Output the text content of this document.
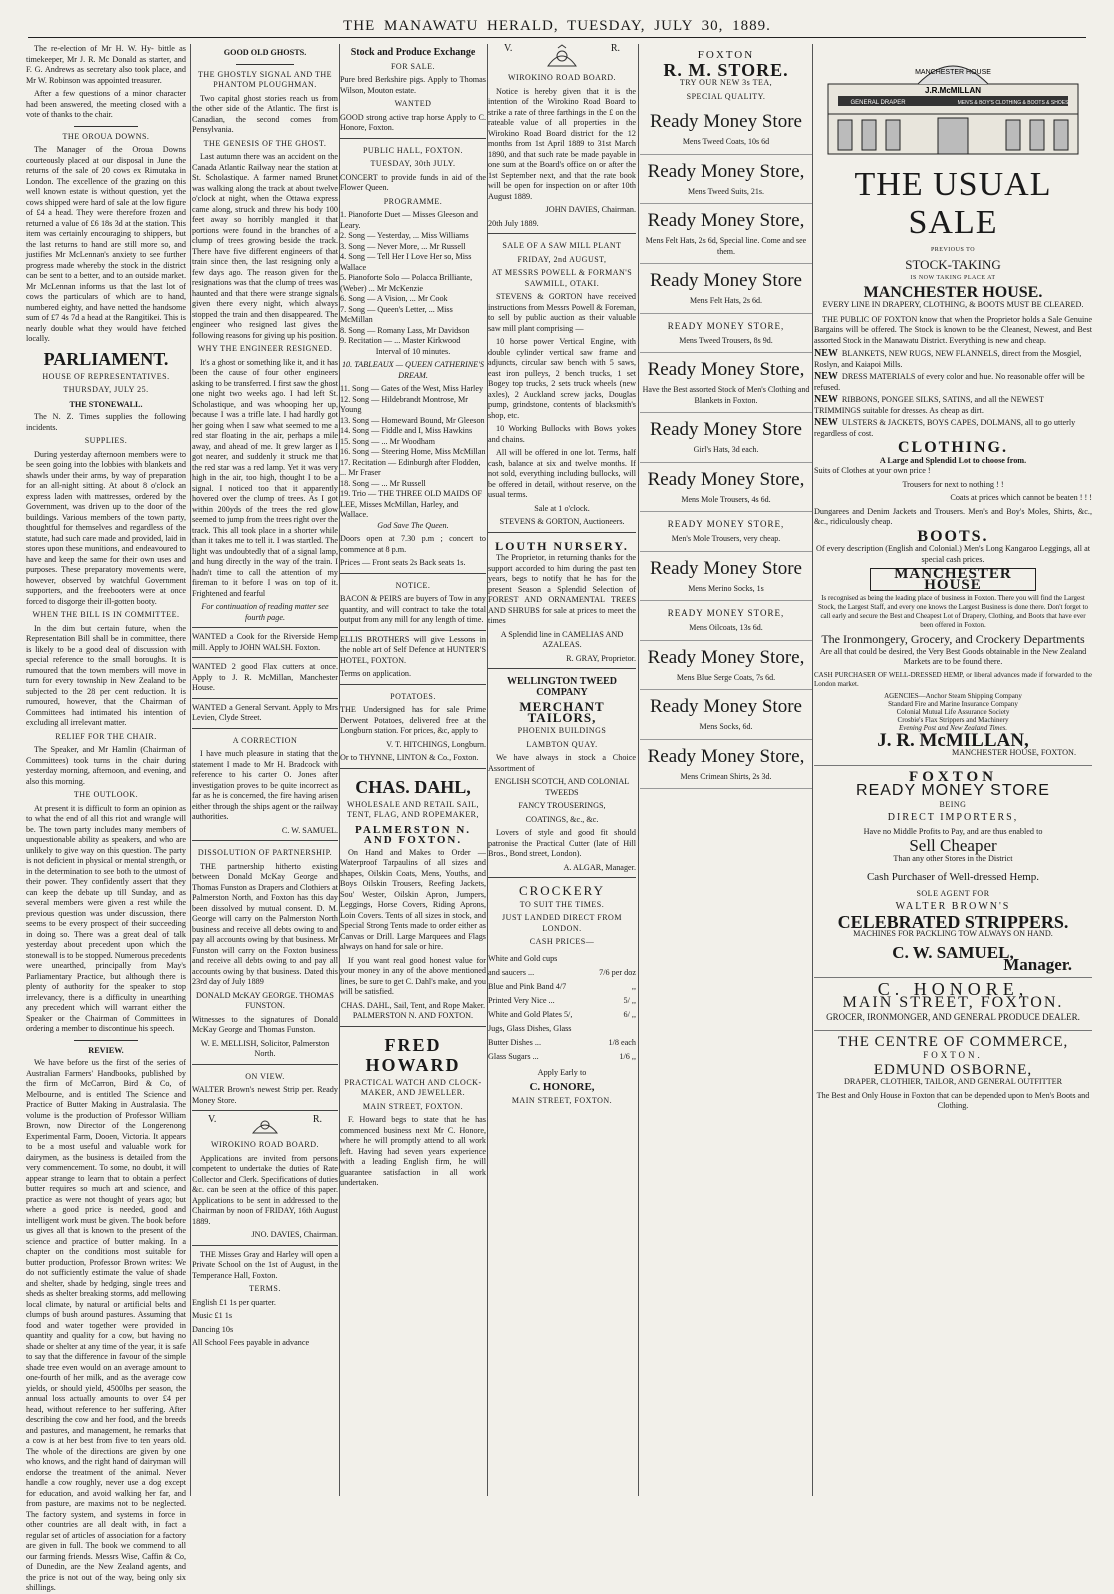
THE MANAWATU HERALD, TUESDAY, JULY 30, 1889.

The re-election of Mr H. W. Hy- bittle as timekeeper, Mr J. R. Mc Donald as starter, and F. G. Andrews as secretary also took place, and Mr W. Robinson was appointed treasurer.

After a few questions of a minor character had been answered, the meeting closed with a vote of thanks to the chair.

THE OROUA DOWNS.

The Manager of the Oroua Downs courteously placed at our disposal in June the returns of the sale of 20 cows ex Rimutaka in London. The excellence of the grazing on this well known estate is without question, yet the cows shipped were hard of sale at the low figure of £4 a head. They were therefore frozen and returned a value of £6 18s 3d at the station. This item was certainly encouraging to shippers, but the last returns to hand are still more so, and justifies Mr McLennan's anxiety to see further progress made whereby the stock in the district can be sent to a better, and to an outside market. Mr McLennan informs us that the last lot of cows the particulars of which are to hand, numbered eighty, and have netted the handsome sum of £7 4s 7d a head at the Rangitikei. This is nearly double what they would have fetched locally.

PARLIAMENT.
HOUSE OF REPRESENTATIVES.
THURSDAY, JULY 25.
THE STONEWALL.

The N. Z. Times supplies the following incidents.

SUPPLIES.

During yesterday afternoon members were to be seen going into the lobbies with blankets and shawls under their arms, by way of preparation for an all-night sitting. At about 8 o'clock an express laden with mattresses, ordered by the Government, was driven up to the door of the buildings. Various members of the town party, thoughtful for themselves and regardless of the statute, had such care made and provided, laid in stores upon these munitions, and endeavoured to have and keep the same for their own uses and purposes. These preparatory movements were, however, observed by watchful Government supporters, and the freebooters were at once forced to disgorge their ill-gotten booty.

WHEN THE BILL IS IN COMMITTEE.

In the dim but certain future, when the Representation Bill shall be in committee, there is likely to be a good deal of discussion with special reference to the small boroughs. It is rumoured that the town members will move in turn for every township in New Zealand to be subjected to the 28 per cent reduction. It is rumoured, however, that the Chairman of Committees had intimated his intention of excluding all irrelevant matter.

RELIEF FOR THE CHAIR.

The Speaker, and Mr Hamlin (Chairman of Committees) took turns in the chair during yesterday morning, afternoon, and evening, and also this morning.

THE OUTLOOK.

At present it is difficult to form an opinion as to what the end of all this riot and wrangle will be. The town party includes many members of unquestionable ability as speakers, and who are unlikely to give way on this question. The party is not deficient in physical or mental strength, or in the determination to see both to the utmost of their power. They confidently assert that they can keep the debate up till Sunday, and as several members were given a rest while the previous question was under discussion, there seems to be every prospect of their succeeding in doing so. There was a great deal of talk yesterday about precedent upon which the stonewall is to be stopped. Numerous precedents were unearthed, principally from May's Parliamentary Practice, but although there is plenty of authority for the speaker to stop irrelevancy, there is a difficulty in unearthing any precedent which will warrant either the Speaker or the Chairman of Committees in ordering a member to discontinue his speech.

REVIEW.

We have before us the first of the series of Australian Farmers' Handbooks, published by the firm of McCarron, Bird & Co, of Melbourne, and is entitled The Science and Practice of Butter Making in Australasia. The volume is the production of Professor William Brown, now Director of the Longerenong Experimental Farm, Dooen, Victoria. It appears to be a most useful and valuable work for dairymen, as the business is detailed from the very commencement. To some, no doubt, it will appear strange to learn that to obtain a perfect butter requires so much art and science, and practice as were not thought of years ago; but where a good price is needed, good and intelligent work must be given. The book before us gives all that is known to the present of the science and practice of butter making. In a chapter on the conditions most suitable for butter production, Professor Brown writes: We do not sufficiently estimate the value of shade and shelter, shade by hedging, single trees and sheds as shelter breaking storms, add mellowing local climate, by natural or artificial belts and clumps of bush around pastures. Assuming that food and water together were provided in quantity and quality for a cow, but having no shade or shelter at any time of the year, it is safe to say that the difference in favour of the simple shade tree even would on an average amount to one-fourth of her milk, and as the average cow yields, or should yield, 4500lbs per season, the annual loss actually amounts to over £4 per head, without reference to her suffering. After describing the cow and her food, and the breeds and pastures, and management, he remarks that a cow is at her best from five to ten years old. The whole of the directions are given by one who knows, and the right hand of dairyman will endorse the treatment of the animal. Never handle a cow roughly, never use a dog except for education, and avoid walking her far, and from pasture, are maxims not to be neglected. The factory system, and systems in force in other countries are all dealt with, in fact a regular set of articles of association for a factory are given in full. The book we commend to all our farming friends. Messrs Wise, Caffin & Co, of Dunedin, are the New Zealand agents, and the price is not out of the way, being only six shillings.

GOOD OLD GHOSTS.
THE GHOSTLY SIGNAL AND THE PHANTOM PLOUGHMAN.

Two capital ghost stories reach us from the other side of the Atlantic. The first is Canadian, the second comes from Pensylvania.

THE GENESIS OF THE GHOST.

Last autumn there was an accident on the Canada Atlantic Railway near the station at St. Scholastique. A farmer named Brunet was walking along the track at about twelve o'clock at night, when the Ottawa express came along, struck and threw his body 100 feet away so horribly mangled it that portions were found in the branches of a clump of trees growing beside the track. There have five different engineers of that train since then, the last resigning only a few days ago. The reason given for the resignations was that the clump of trees was haunted and that there were strange signals given there every night, which always stopped the train and then disappeared. The engineer who resigned last gives the following reasons for giving up his position.

WHY THE ENGINEER RESIGNED.

It's a ghost or something like it, and it has been the cause of four other engineers asking to be transferred. I first saw the ghost one night two weeks ago. I had left St. Scholastique, and was whooping her up, because I was a trifle late. I had hardly got her going when I saw what seemed to me a red star floating in the air, perhaps a mile away, and ahead of me. It grew larger as I got nearer, and suddenly it struck me that the red star was a red lamp. Yet it was very high in the air, too high, thought I to be a signal. I noticed too that it apparently hovered over the clump of trees. As I got within 200yds of the trees the red glow seemed to jump from the trees right over the track. This all took place in a shorter while than it takes me to tell it. I was startled. The light was undoubtedly that of a signal lamp, and hung directly in the way of the train. I hadn't time to call the attention of my fireman to it before I was on top of it. Frightened and fearful

For continuation of reading matter see fourth page.

WANTED a Cook for the Riverside Hemp mill. Apply to JOHN WALSH. Foxton.

WANTED 2 good Flax cutters at once. Apply to J. R. McMillan, Manchester House.

WANTED a General Servant. Apply to Mrs Levien, Clyde Street.

A CORRECTION

I have much pleasure in stating that the statement I made to Mr H. Bradcock with reference to his carter O. Jones after investigation proves to be quite incorrect as far as he is concerned, the fire having arisen either through the ships agent or the railway authorities.

C. W. SAMUEL.

DISSOLUTION OF PARTNERSHIP.

THE partnership hitherto existing between Donald McKay George and Thomas Funston as Drapers and Clothiers at Palmerston North, and Foxton has this day been dissolved by mutual consent. D. M. George will carry on the Palmerston North business and receive all debts owing to and pay all accounts owing by that business. Mr Funston will carry on the Foxton business and receive all debts owing to and pay all accounts owing by that business. Dated this 23rd day of July 1889

DONALD McKAY GEORGE. THOMAS FUNSTON.

Witnesses to the signatures of Donald McKay George and Thomas Funston.

W. E. MELLISH, Solicitor, Palmerston North.

ON VIEW.

WALTER Brown's newest Strip per. Ready Money Store.

V.	R.
WIROKINO ROAD BOARD.

Applications are invited from persons competent to undertake the duties of Rate Collector and Clerk. Specifications of duties &c. can be seen at the office of this paper. Applications to be sent in addressed to the Chairman by noon of FRIDAY, 16th August 1889.

JNO. DAVIES, Chairman.

THE Misses Gray and Harley will open a Private School on the 1st of August, in the Temperance Hall, Foxton.

TERMS.

English £1 1s per quarter.

Music £1 1s

Dancing 10s

All School Fees payable in advance

Stock and Produce Exchange
FOR SALE.

Pure bred Berkshire pigs. Apply to Thomas Wilson, Mouton estate.

WANTED

GOOD strong active trap horse Apply to C. Honore, Foxton.

PUBLIC HALL, FOXTON.
TUESDAY, 30th JULY.

CONCERT to provide funds in aid of the Flower Queen.

PROGRAMME.
1. Pianoforte Duet — Misses Gleeson and Leary.
2. Song — Yesterday, ... Miss Williams
3. Song — Never More, ... Mr Russell
4. Song — Tell Her I Love Her so, Miss Wallace
5. Pianoforte Solo — Polacca Brilliante, (Weber) ... Mr McKenzie
6. Song — A Vision, ... Mr Cook
7. Song — Queen's Letter, ... Miss McMillan
8. Song — Romany Lass, Mr Davidson
9. Recitation — ... Master Kirkwood

Interval of 10 minutes.

10. TABLEAUX — QUEEN CATHERINE'S DREAM.

11. Song — Gates of the West, Miss Harley
12. Song — Hildebrandt Montrose, Mr Young
13. Song — Homeward Bound, Mr Gleeson
14. Song — Fiddle and I, Miss Hawkins
15. Song — ... Mr Woodham
16. Song — Steering Home, Miss McMillan
17. Recitation — Edinburgh after Flodden, ... Mr Fraser
18. Song — ... Mr Russell
19. Trio — THE THREE OLD MAIDS OF LEE, Misses McMillan, Harley, and Wallace.

God Save The Queen.

Doors open at 7.30 p.m ; concert to commence at 8 p.m.

Prices — Front seats 2s Back seats 1s.

NOTICE.

BACON & PEIRS are buyers of Tow in any quantity, and will contract to take the total output from any mill for any length of time.

ELLIS BROTHERS will give Lessons in the noble art of Self Defence at HUNTER'S HOTEL, FOXTON.

Terms on application.

POTATOES.

THE Undersigned has for sale Prime Derwent Potatoes, delivered free at the Longburn station. For prices, &c, apply to

V. T. HITCHINGS, Longburn.

Or to THYNNE, LINTON & Co., Foxton.

CHAS. DAHL,
WHOLESALE AND RETAIL SAIL, TENT, FLAG, AND ROPEMAKER,
PALMERSTON N. AND FOXTON.

On Hand and Makes to Order — Waterproof Tarpaulins of all sizes and shapes, Oilskin Coats, Mens, Youths, and Boys Oilskin Trousers, Reefing Jackets, Sou' Wester, Oilskin Apron, Jumpers, Leggings, Horse Covers, Riding Aprons, Loin Covers. Tents of all sizes in stock, and Special Strong Tents made to order either as Canvas or Drill. Large Marquees and Flags always on hand for sale or hire.

If you want real good honest value for your money in any of the above mentioned lines, be sure to get C. Dahl's make, and you will be satisfied.

CHAS. DAHL, Sail, Tent, and Rope Maker. PALMERSTON N. AND FOXTON.

FRED HOWARD
PRACTICAL WATCH AND CLOCK-MAKER, AND JEWELLER.
MAIN STREET, FOXTON.

F. Howard begs to state that he has commenced business next Mr C. Honore, where he will promptly attend to all work left. Having had seven years experience with a leading English firm, he will guarantee satisfaction in all work undertaken.

V.	R.
WIROKINO ROAD BOARD.

Notice is hereby given that it is the intention of the Wirokino Road Board to strike a rate of three farthings in the £ on the rateable value of all properties in the Wirokino Road Board district for the 12 months from 1st April 1889 to 31st March 1890, and that such rate be made payable in one sum at the Board's office on or after the 1st September next, and that the rate book will be open for inspection on or after 10th August 1889.

JOHN DAVIES, Chairman.

20th July 1889.

SALE OF A SAW MILL PLANT
FRIDAY, 2nd AUGUST,
AT MESSRS POWELL & FORMAN'S SAWMILL, OTAKI.

STEVENS & GORTON have received instructions from Messrs Powell & Foreman, to sell by public auction as their valuable saw mill plant comprising —

10 horse power Vertical Engine, with double cylinder vertical saw frame and adjuncts, circular saw bench with 5 saws, east iron pulleys, 2 bench trucks, 1 set Bogey top trucks, 2 sets truck wheels (new axles), 2 Auckland screw jacks, Douglas pump, grindstone, contents of blacksmith's shop, etc.

10 Working Bullocks with Bows yokes and chains.

All will be offered in one lot. Terms, half cash, balance at six and twelve months. If not sold, everything including bullocks, will be offered in detail, without reserve, on the usual terms.

Sale at 1 o'clock.

STEVENS & GORTON, Auctioneers.

LOUTH NURSERY.

The Proprietor, in returning thanks for the support accorded to him during the past ten years, begs to notify that he has for the present Season a Splendid Selection of FOREST AND ORNAMENTAL TREES AND SHRUBS for sale at prices to meet the times

A Splendid line in CAMELIAS AND AZALEAS.

R. GRAY, Proprietor.

WELLINGTON TWEED COMPANY
MERCHANT TAILORS,
PHOENIX BUILDINGS
LAMBTON QUAY.

We have always in stock a Choice Assortment of

ENGLISH SCOTCH, AND COLONIAL TWEEDS

FANCY TROUSERINGS,

COATINGS, &c., &c.

Lovers of style and good fit should patronise the Practical Cutter (late of Hill Bros., Bond street, London).

A. ALGAR, Manager.

CROCKERY
TO SUIT THE TIMES.
JUST LANDED DIRECT FROM LONDON.
CASH PRICES—
White and Gold cups
and saucers ...	7/6 per doz
Blue and Pink Band 4/7	,,
Printed Very Nice ...	5/ ,,
White and Gold Plates 5/,	6/ ,,
Jugs, Glass Dishes, Glass
Butter Dishes ...	1/8 each
Glass Sugars ...	1/6 ,,

Apply Early to

C. HONORE,
MAIN STREET, FOXTON.
FOXTON
R. M. STORE.
TRY OUR NEW 3s TEA,
SPECIAL QUALITY.
Ready Money Store
Mens Tweed Coats, 10s 6d
Ready Money Store,
Mens Tweed Suits, 21s.
Ready Money Store,
Mens Felt Hats, 2s 6d, Special line. Come and see them.
Ready Money Store
Mens Felt Hats, 2s 6d.
READY MONEY STORE,
Mens Tweed Trousers, 8s 9d.
Ready Money Store,
Have the Best assorted Stock of Men's Clothing and Blankets in Foxton.
Ready Money Store
Girl's Hats, 3d each.
Ready Money Store,
Mens Mole Trousers, 4s 6d.
READY MONEY STORE,
Men's Mole Trousers, very cheap.
Ready Money Store
Mens Merino Socks, 1s
READY MONEY STORE,
Mens Oilcoats, 13s 6d.
Ready Money Store,
Mens Blue Serge Coats, 7s 6d.
Ready Money Store
Mens Socks, 6d.
Ready Money Store,
Mens Crimean Shirts, 2s 3d.
MANCHESTER HOUSE
J.R.McMILLAN
GENERAL DRAPER	MEN'S & BOY'S CLOTHING & BOOTS & SHOES
THE USUAL SALE
PREVIOUS TO
STOCK-TAKING
IS NOW TAKING PLACE AT
MANCHESTER HOUSE.
EVERY LINE IN DRAPERY, CLOTHING, & BOOTS MUST BE CLEARED.

THE PUBLIC OF FOXTON know that when the Proprietor holds a Sale Genuine Bargains will be offered. The Stock is known to be the Cleanest, Newest, and Best assorted Stock in the Manawatu District. Everything is new and cheap.

NEW BLANKETS, NEW RUGS, NEW FLANNELS, direct from the Mosgiel, Roslyn, and Kaiapoi Mills.
NEW DRESS MATERIALS of every color and hue. No reasonable offer will be refused.
NEW RIBBONS, PONGEE SILKS, SATINS, and all the NEWEST TRIMMINGS suitable for dresses. As cheap as dirt.
NEW ULSTERS & JACKETS, BOYS CAPES, DOLMANS, all to go utterly regardless of cost.
CLOTHING.
A Large and Splendid Lot to choose from.

Suits of Clothes at your own price !

Trousers for next to nothing ! !

Coats at prices which cannot be beaten ! ! !

Dungarees and Denim Jackets and Trousers. Men's and Boy's Moles, Shirts, &c., &c., ridiculously cheap.

BOOTS.

Of every description (English and Colonial.) Men's Long Kangaroo Leggings, all at special cash prices.

MANCHESTER HOUSE

Is recognised as being the leading place of business in Foxton. There you will find the Largest Stock, the Largest Staff, and every one knows the Largest Business is done there. Don't forget to call early and secure the Best and Cheapest Lot of Drapery, Clothing, and Boots that have ever been offered in Foxton.

The Ironmongery, Grocery, and Crockery Departments

Are all that could be desired, the Very Best Goods obtainable in the New Zealand Markets are to be found there.

CASH PURCHASER OF WELL-DRESSED HEMP, or liberal advances made if forwarded to the London market.

AGENCIES—Anchor Steam Shipping Company

Standard Fire and Marine Insurance Company

Colonial Mutual Life Assurance Society

Crosbie's Flax Strippers and Machinery

Evening Post and New Zealand Times.

J. R. McMILLAN,
MANCHESTER HOUSE, FOXTON.
FOXTON
READY MONEY STORE
BEING
DIRECT IMPORTERS,

Have no Middle Profits to Pay, and are thus enabled to

Sell Cheaper

Than any other Stores in the District

Cash Purchaser of Well-dressed Hemp.
SOLE AGENT FOR
WALTER BROWN'S
CELEBRATED STRIPPERS.

MACHINES FOR PACKLING TOW ALWAYS ON HAND.

C. W. SAMUEL,
Manager.
C. HONORE,
MAIN STREET, FOXTON.

GROCER, IRONMONGER, AND GENERAL PRODUCE DEALER.

THE CENTRE OF COMMERCE,
FOXTON.
EDMUND OSBORNE,

DRAPER, CLOTHIER, TAILOR, AND GENERAL OUTFITTER

The Best and Only House in Foxton that can be depended upon to Men's Boots and Clothing.
